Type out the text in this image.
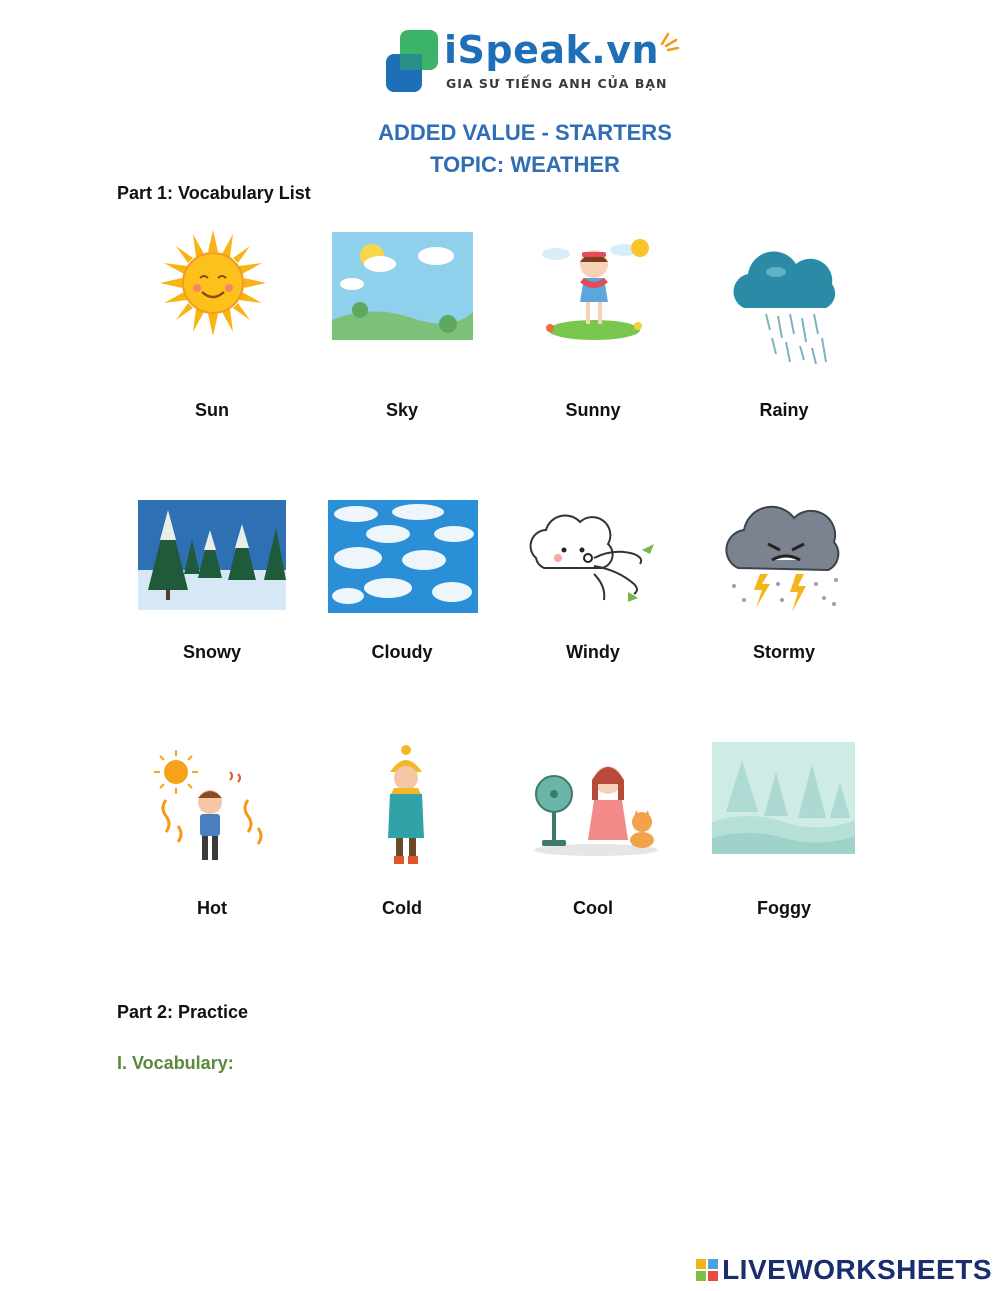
iSpeak.vn
GIA SƯ TIẾNG ANH CỦA BẠN
ADDED VALUE - STARTERS
TOPIC: WEATHER
Part 1: Vocabulary List
Sun	Sky	Sunny	Rainy
Snowy	Cloudy	Windy	Stormy
Hot	Cold	Cool	Foggy
Part 2: Practice
I. Vocabulary:
LIVEWORKSHEETS
